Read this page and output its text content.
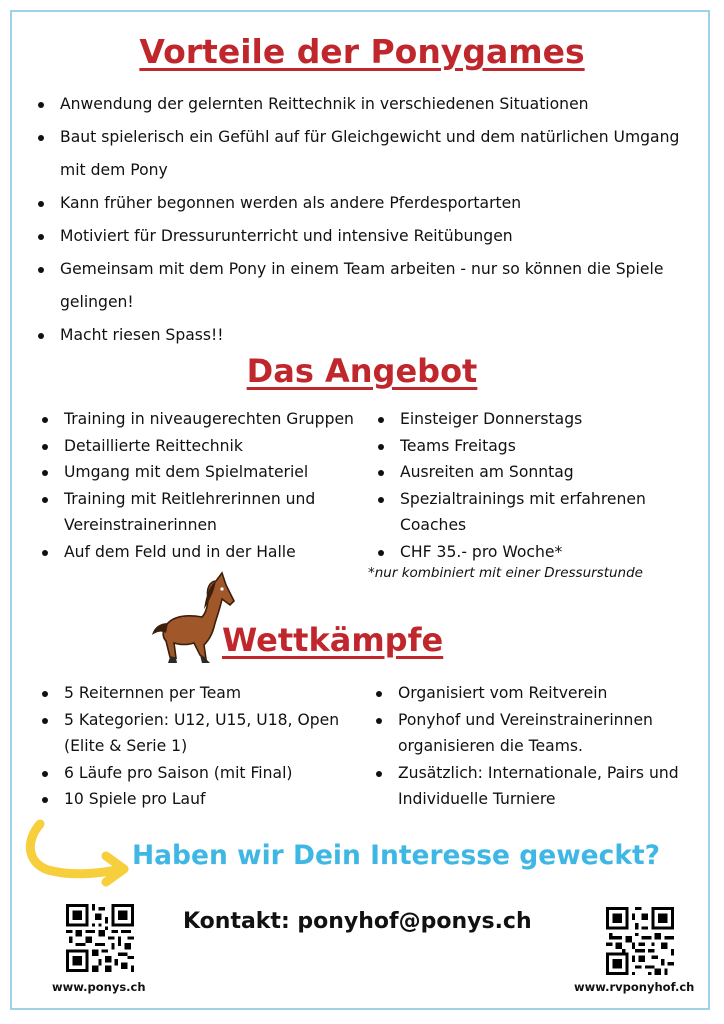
Vorteile der Ponygames
Anwendung der gelernten Reittechnik in verschiedenen Situationen
Baut spielerisch ein Gefühl auf für Gleichgewicht und dem natürlichen Umgang mit dem Pony
Kann früher begonnen werden als andere Pferdesportarten
Motiviert für Dressurunterricht und intensive Reitübungen
Gemeinsam mit dem Pony in einem Team arbeiten - nur so können die Spiele gelingen!
Macht riesen Spass!!
Das Angebot
Training in niveaugerechten Gruppen
Detaillierte Reittechnik
Umgang mit dem Spielmateriel
Training mit Reitlehrerinnen und Vereinstrainerinnen
Auf dem Feld und in der Halle
Einsteiger Donnerstags
Teams Freitags
Ausreiten am Sonntag
Spezialtrainings mit erfahrenen Coaches
CHF 35.- pro Woche*
*nur kombiniert mit einer Dressurstunde
Wettkämpfe
5 Reiternnen per Team
5 Kategorien: U12, U15, U18, Open (Elite & Serie 1)
6 Läufe pro Saison (mit Final)
10 Spiele pro Lauf
Organisiert vom Reitverein
Ponyhof und Vereinstrainerinnen organisieren die Teams.
Zusätzlich: Internationale, Pairs und Individuelle Turniere
Haben wir Dein Interesse geweckt?
www.ponys.ch
Kontakt: ponyhof@ponys.ch
www.rvponyhof.ch
